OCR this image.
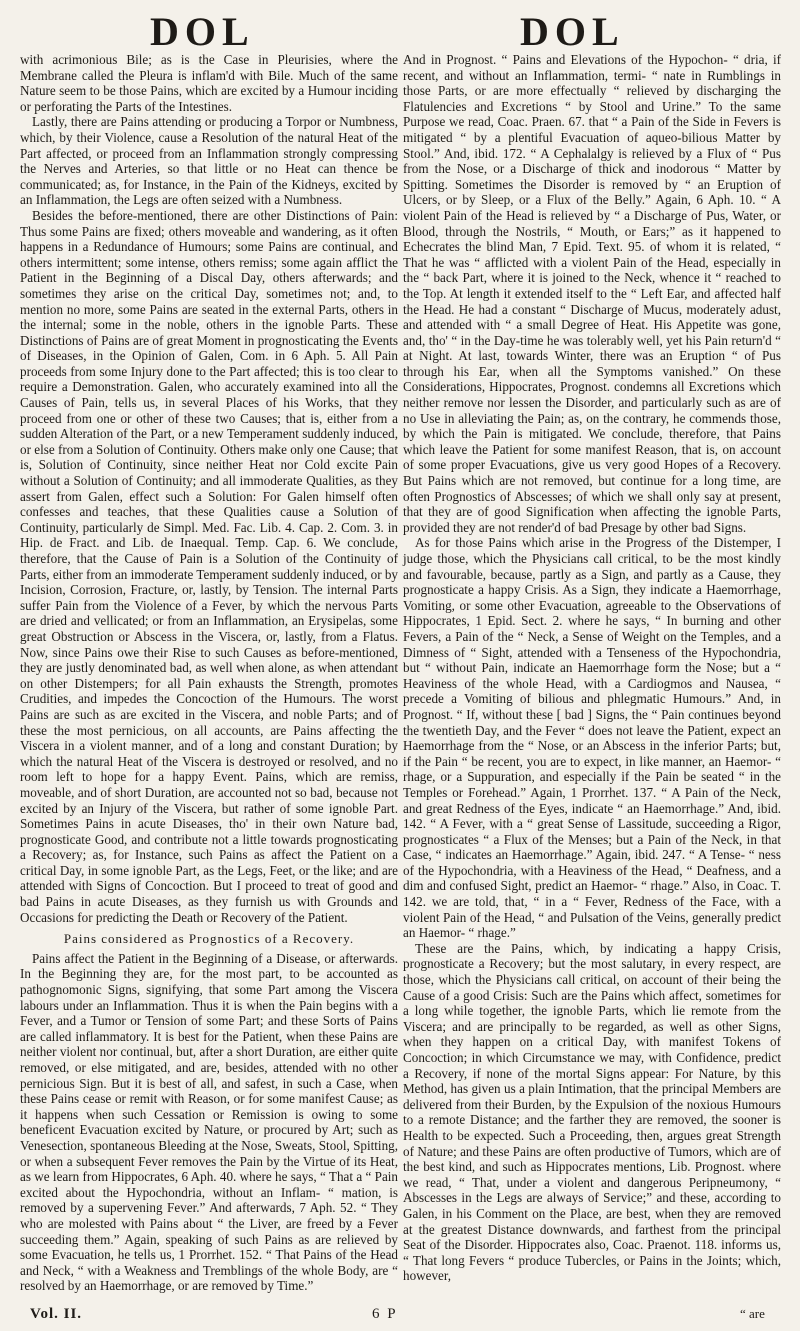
DOL	DOL

with acrimonious Bile; as is the Case in Pleurisies, where the Membrane called the Pleura is inflam'd with Bile. Much of the same Nature seem to be those Pains, which are excited by a Humour inciding or perforating the Parts of the Intestines.

Lastly, there are Pains attending or producing a Torpor or Numbness, which, by their Violence, cause a Resolution of the natural Heat of the Part affected, or proceed from an Inflammation strongly compressing the Nerves and Arteries, so that little or no Heat can thence be communicated; as, for Instance, in the Pain of the Kidneys, excited by an Inflammation, the Legs are often seized with a Numbness.

Besides the before-mentioned, there are other Distinctions of Pain: Thus some Pains are fixed; others moveable and wandering, as it often happens in a Redundance of Humours; some Pains are continual, and others intermittent; some intense, others remiss; some again afflict the Patient in the Beginning of a Discal Day, others afterwards; and sometimes they arise on the critical Day, sometimes not; and, to mention no more, some Pains are seated in the external Parts, others in the internal; some in the noble, others in the ignoble Parts. These Distinctions of Pains are of great Moment in prognosticating the Events of Diseases, in the Opinion of Galen, Com. in 6 Aph. 5. All Pain proceeds from some Injury done to the Part affected; this is too clear to require a Demonstration. Galen, who accurately examined into all the Causes of Pain, tells us, in several Places of his Works, that they proceed from one or other of these two Causes; that is, either from a sudden Alteration of the Part, or a new Temperament suddenly induced, or else from a Solution of Continuity. Others make only one Cause; that is, Solution of Continuity, since neither Heat nor Cold excite Pain without a Solution of Continuity; and all immoderate Qualities, as they assert from Galen, effect such a Solution: For Galen himself often confesses and teaches, that these Qualities cause a Solution of Continuity, particularly de Simpl. Med. Fac. Lib. 4. Cap. 2. Com. 3. in Hip. de Fract. and Lib. de Inaequal. Temp. Cap. 6. We conclude, therefore, that the Cause of Pain is a Solution of the Continuity of Parts, either from an immoderate Temperament suddenly induced, or by Incision, Corrosion, Fracture, or, lastly, by Tension. The internal Parts suffer Pain from the Violence of a Fever, by which the nervous Parts are dried and vellicated; or from an Inflammation, an Erysipelas, some great Obstruction or Abscess in the Viscera, or, lastly, from a Flatus. Now, since Pains owe their Rise to such Causes as before-mentioned, they are justly denominated bad, as well when alone, as when attendant on other Distempers; for all Pain exhausts the Strength, promotes Crudities, and impedes the Concoction of the Humours. The worst Pains are such as are excited in the Viscera, and noble Parts; and of these the most pernicious, on all accounts, are Pains affecting the Viscera in a violent manner, and of a long and constant Duration; by which the natural Heat of the Viscera is destroyed or resolved, and no room left to hope for a happy Event. Pains, which are remiss, moveable, and of short Duration, are accounted not so bad, because not excited by an Injury of the Viscera, but rather of some ignoble Part. Sometimes Pains in acute Diseases, tho' in their own Nature bad, prognosticate Good, and contribute not a little towards prognosticating a Recovery; as, for Instance, such Pains as affect the Patient on a critical Day, in some ignoble Part, as the Legs, Feet, or the like; and are attended with Signs of Concoction. But I proceed to treat of good and bad Pains in acute Diseases, as they furnish us with Grounds and Occasions for predicting the Death or Recovery of the Patient.

Pains considered as Prognostics of a Recovery.

Pains affect the Patient in the Beginning of a Disease, or afterwards. In the Beginning they are, for the most part, to be accounted as pathognomonic Signs, signifying, that some Part among the Viscera labours under an Inflammation. Thus it is when the Pain begins with a Fever, and a Tumor or Tension of some Part; and these Sorts of Pains are called inflammatory. It is best for the Patient, when these Pains are neither violent nor continual, but, after a short Duration, are either quite removed, or else mitigated, and are, besides, attended with no other pernicious Sign. But it is best of all, and safest, in such a Case, when these Pains cease or remit with Reason, or for some manifest Cause; as it happens when such Cessation or Remission is owing to some beneficent Evacuation excited by Nature, or procured by Art; such as Venesection, spontaneous Bleeding at the Nose, Sweats, Stool, Spitting, or when a subsequent Fever removes the Pain by the Virtue of its Heat, as we learn from Hippocrates, 6 Aph. 40. where he says, “ That a “ Pain excited about the Hypochondria, without an Inflam- “ mation, is removed by a supervening Fever.” And afterwards, 7 Aph. 52. “ They who are molested with Pains about “ the Liver, are freed by a Fever succeeding them.” Again, speaking of such Pains as are relieved by some Evacuation, he tells us, 1 Prorrhet. 152. “ That Pains of the Head and Neck, “ with a Weakness and Tremblings of the whole Body, are “ resolved by an Haemorrhage, or are removed by Time.”

And in Prognost. “ Pains and Elevations of the Hypochon- “ dria, if recent, and without an Inflammation, termi- “ nate in Rumblings in those Parts, or are more effectually “ relieved by discharging the Flatulencies and Excretions “ by Stool and Urine.” To the same Purpose we read, Coac. Praen. 67. that “ a Pain of the Side in Fevers is mitigated “ by a plentiful Evacuation of aqueo-bilious Matter by Stool.” And, ibid. 172. “ A Cephalalgy is relieved by a Flux of “ Pus from the Nose, or a Discharge of thick and inodorous “ Matter by Spitting. Sometimes the Disorder is removed by “ an Eruption of Ulcers, or by Sleep, or a Flux of the Belly.” Again, 6 Aph. 10. “ A violent Pain of the Head is relieved by “ a Discharge of Pus, Water, or Blood, through the Nostrils, “ Mouth, or Ears;” as it happened to Echecrates the blind Man, 7 Epid. Text. 95. of whom it is related, “ That he was “ afflicted with a violent Pain of the Head, especially in the “ back Part, where it is joined to the Neck, whence it “ reached to the Top. At length it extended itself to the “ Left Ear, and affected half the Head. He had a constant “ Discharge of Mucus, moderately adust, and attended with “ a small Degree of Heat. His Appetite was gone, and, tho' “ in the Day-time he was tolerably well, yet his Pain return'd “ at Night. At last, towards Winter, there was an Eruption “ of Pus through his Ear, when all the Symptoms vanished.” On these Considerations, Hippocrates, Prognost. condemns all Excretions which neither remove nor lessen the Disorder, and particularly such as are of no Use in alleviating the Pain; as, on the contrary, he commends those, by which the Pain is mitigated. We conclude, therefore, that Pains which leave the Patient for some manifest Reason, that is, on account of some proper Evacuations, give us very good Hopes of a Recovery. But Pains which are not removed, but continue for a long time, are often Prognostics of Abscesses; of which we shall only say at present, that they are of good Signification when affecting the ignoble Parts, provided they are not render'd of bad Presage by other bad Signs.

As for those Pains which arise in the Progress of the Distemper, I judge those, which the Physicians call critical, to be the most kindly and favourable, because, partly as a Sign, and partly as a Cause, they prognosticate a happy Crisis. As a Sign, they indicate a Haemorrhage, Vomiting, or some other Evacuation, agreeable to the Observations of Hippocrates, 1 Epid. Sect. 2. where he says, “ In burning and other Fevers, a Pain of the “ Neck, a Sense of Weight on the Temples, and a Dimness of “ Sight, attended with a Tenseness of the Hypochondria, but “ without Pain, indicate an Haemorrhage form the Nose; but a “ Heaviness of the whole Head, with a Cardiogmos and Nausea, “ precede a Vomiting of bilious and phlegmatic Humours.” And, in Prognost. “ If, without these [ bad ] Signs, the “ Pain continues beyond the twentieth Day, and the Fever “ does not leave the Patient, expect an Haemorrhage from the “ Nose, or an Abscess in the inferior Parts; but, if the Pain “ be recent, you are to expect, in like manner, an Haemor- “ rhage, or a Suppuration, and especially if the Pain be seated “ in the Temples or Forehead.” Again, 1 Prorrhet. 137. “ A Pain of the Neck, and great Redness of the Eyes, indicate “ an Haemorrhage.” And, ibid. 142. “ A Fever, with a “ great Sense of Lassitude, succeeding a Rigor, prognosticates “ a Flux of the Menses; but a Pain of the Neck, in that Case, “ indicates an Haemorrhage.” Again, ibid. 247. “ A Tense- “ ness of the Hypochondria, with a Heaviness of the Head, “ Deafness, and a dim and confused Sight, predict an Haemor- “ rhage.” Also, in Coac. T. 142. we are told, that, “ in a “ Fever, Redness of the Face, with a violent Pain of the Head, “ and Pulsation of the Veins, generally predict an Haemor- “ rhage.”

These are the Pains, which, by indicating a happy Crisis, prognosticate a Recovery; but the most salutary, in every respect, are those, which the Physicians call critical, on account of their being the Cause of a good Crisis: Such are the Pains which affect, sometimes for a long while together, the ignoble Parts, which lie remote from the Viscera; and are principally to be regarded, as well as other Signs, when they happen on a critical Day, with manifest Tokens of Concoction; in which Circumstance we may, with Confidence, predict a Recovery, if none of the mortal Signs appear: For Nature, by this Method, has given us a plain Intimation, that the principal Members are delivered from their Burden, by the Expulsion of the noxious Humours to a remote Distance; and the farther they are removed, the sooner is Health to be expected. Such a Proceeding, then, argues great Strength of Nature; and these Pains are often productive of Tumors, which are of the best kind, and such as Hippocrates mentions, Lib. Prognost. where we read, “ That, under a violent and dangerous Peripneumony, “ Abscesses in the Legs are always of Service;” and these, according to Galen, in his Comment on the Place, are best, when they are removed at the greatest Distance downwards, and farthest from the principal Seat of the Disorder. Hippocrates also, Coac. Praenot. 118. informs us, “ That long Fevers “ produce Tubercles, or Pains in the Joints; which, however,

Vol. II.	6 P	“ are
